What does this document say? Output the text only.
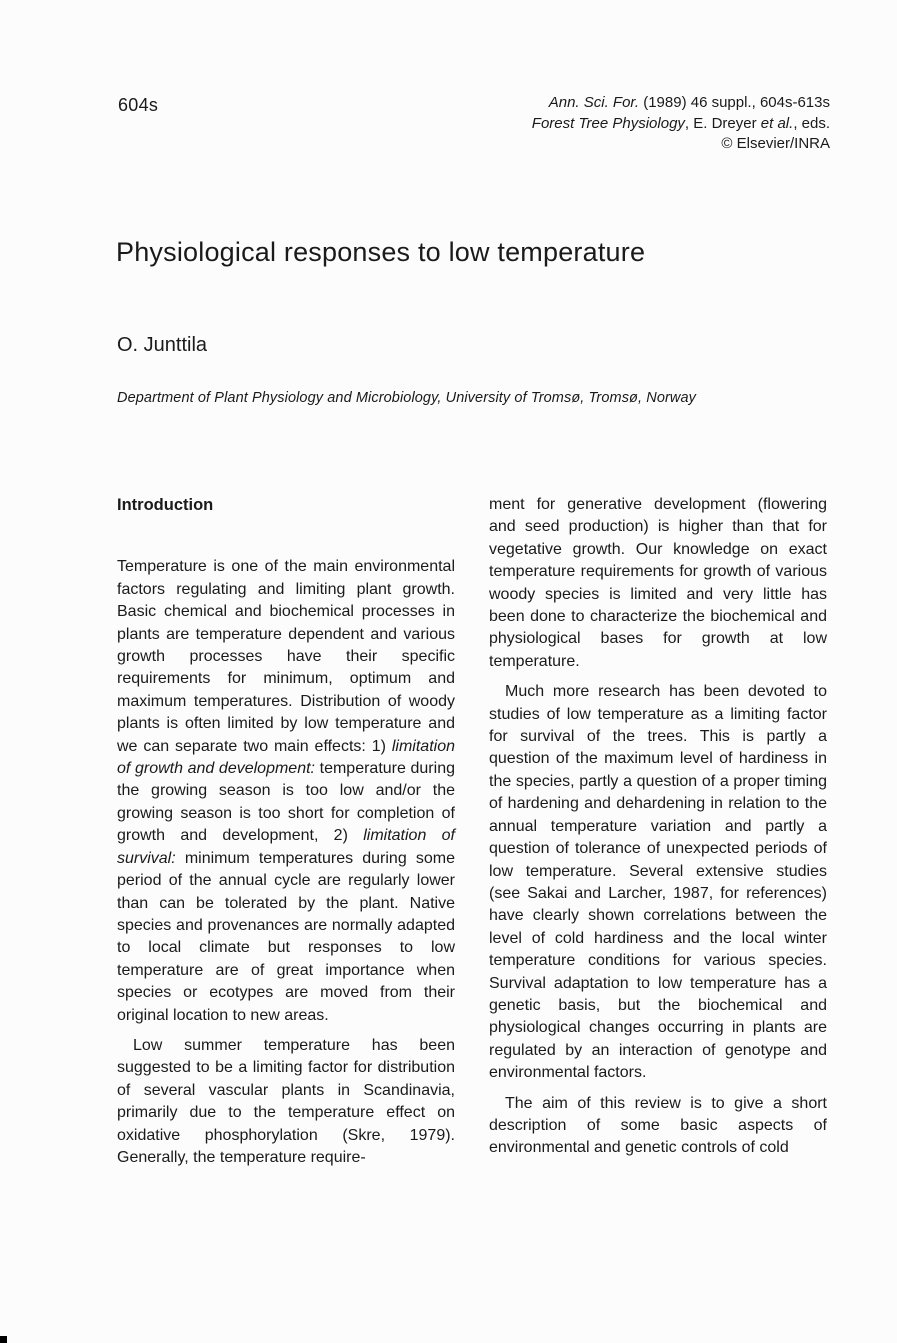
604s	Ann. Sci. For. (1989) 46 suppl., 604s-613s
Forest Tree Physiology, E. Dreyer et al., eds.
© Elsevier/INRA
Physiological responses to low temperature
O. Junttila
Department of Plant Physiology and Microbiology, University of Tromsø, Tromsø, Norway
Introduction

Temperature is one of the main environmental factors regulating and limiting plant growth. Basic chemical and biochemical processes in plants are temperature dependent and various growth processes have their specific requirements for minimum, optimum and maximum temperatures. Distribution of woody plants is often limited by low temperature and we can separate two main effects: 1) limitation of growth and development: temperature during the growing season is too low and/or the growing season is too short for completion of growth and development, 2) limitation of survival: minimum temperatures during some period of the annual cycle are regularly lower than can be tolerated by the plant. Native species and provenances are normally adapted to local climate but responses to low temperature are of great importance when species or ecotypes are moved from their original location to new areas.

Low summer temperature has been suggested to be a limiting factor for distribution of several vascular plants in Scandinavia, primarily due to the temperature effect on oxidative phosphorylation (Skre, 1979). Generally, the temperature require-

ment for generative development (flowering and seed production) is higher than that for vegetative growth. Our knowledge on exact temperature requirements for growth of various woody species is limited and very little has been done to characterize the biochemical and physiological bases for growth at low temperature.

Much more research has been devoted to studies of low temperature as a limiting factor for survival of the trees. This is partly a question of the maximum level of hardiness in the species, partly a question of a proper timing of hardening and dehardening in relation to the annual temperature variation and partly a question of tolerance of unexpected periods of low temperature. Several extensive studies (see Sakai and Larcher, 1987, for references) have clearly shown correlations between the level of cold hardiness and the local winter temperature conditions for various species. Survival adaptation to low temperature has a genetic basis, but the biochemical and physiological changes occurring in plants are regulated by an interaction of genotype and environmental factors.

The aim of this review is to give a short description of some basic aspects of environmental and genetic controls of cold
